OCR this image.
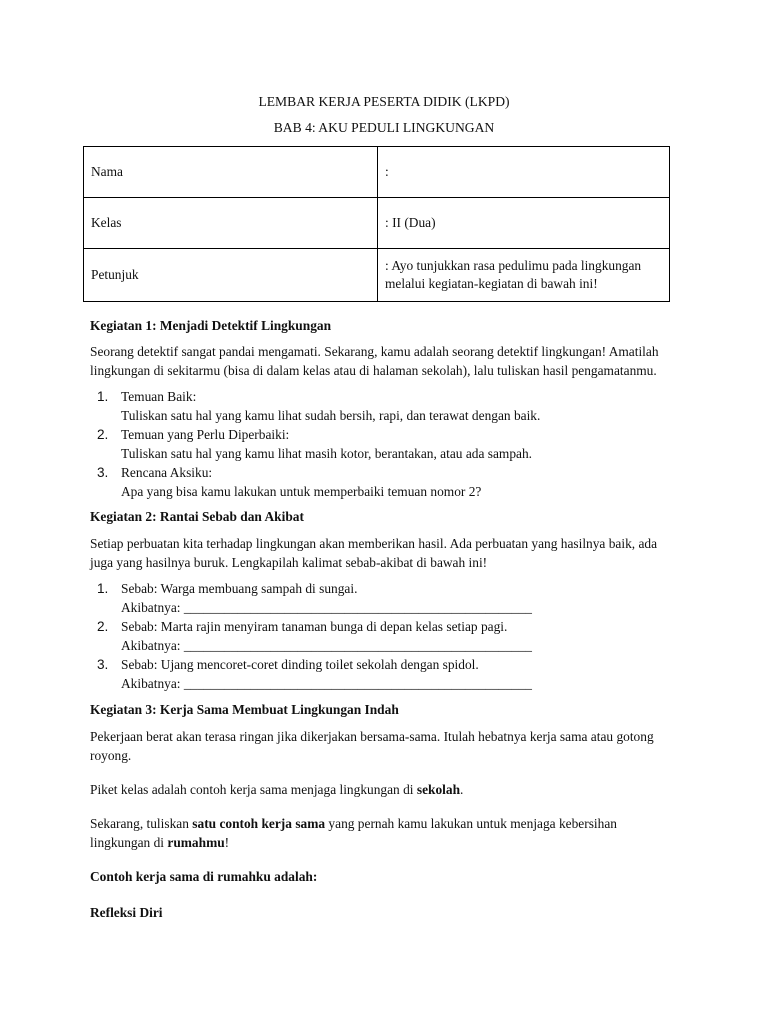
LEMBAR KERJA PESERTA DIDIK (LKPD)
BAB 4: AKU PEDULI LINGKUNGAN
Nama	:
Kelas	: II (Dua)
Petunjuk	: Ayo tunjukkan rasa pedulimu pada lingkungan
melalui kegiatan-kegiatan di bawah ini!
Kegiatan 1: Menjadi Detektif Lingkungan
Seorang detektif sangat pandai mengamati. Sekarang, kamu adalah seorang detektif lingkungan! Amatilah
lingkungan di sekitarmu (bisa di dalam kelas atau di halaman sekolah), lalu tuliskan hasil pengamatanmu.
1. Temuan Baik:
Tuliskan satu hal yang kamu lihat sudah bersih, rapi, dan terawat dengan baik.
2. Temuan yang Perlu Diperbaiki:
Tuliskan satu hal yang kamu lihat masih kotor, berantakan, atau ada sampah.
3. Rencana Aksiku:
Apa yang bisa kamu lakukan untuk memperbaiki temuan nomor 2?
Kegiatan 2: Rantai Sebab dan Akibat
Setiap perbuatan kita terhadap lingkungan akan memberikan hasil. Ada perbuatan yang hasilnya baik, ada
juga yang hasilnya buruk. Lengkapilah kalimat sebab-akibat di bawah ini!
1. Sebab: Warga membuang sampah di sungai.
Akibatnya: ____________________________________________________
2. Sebab: Marta rajin menyiram tanaman bunga di depan kelas setiap pagi.
Akibatnya: ____________________________________________________
3. Sebab: Ujang mencoret-coret dinding toilet sekolah dengan spidol.
Akibatnya: ____________________________________________________
Kegiatan 3: Kerja Sama Membuat Lingkungan Indah
Pekerjaan berat akan terasa ringan jika dikerjakan bersama-sama. Itulah hebatnya kerja sama atau gotong
royong.
Piket kelas adalah contoh kerja sama menjaga lingkungan di sekolah.
Sekarang, tuliskan satu contoh kerja sama yang pernah kamu lakukan untuk menjaga kebersihan
lingkungan di rumahmu!
Contoh kerja sama di rumahku adalah:
Refleksi Diri
